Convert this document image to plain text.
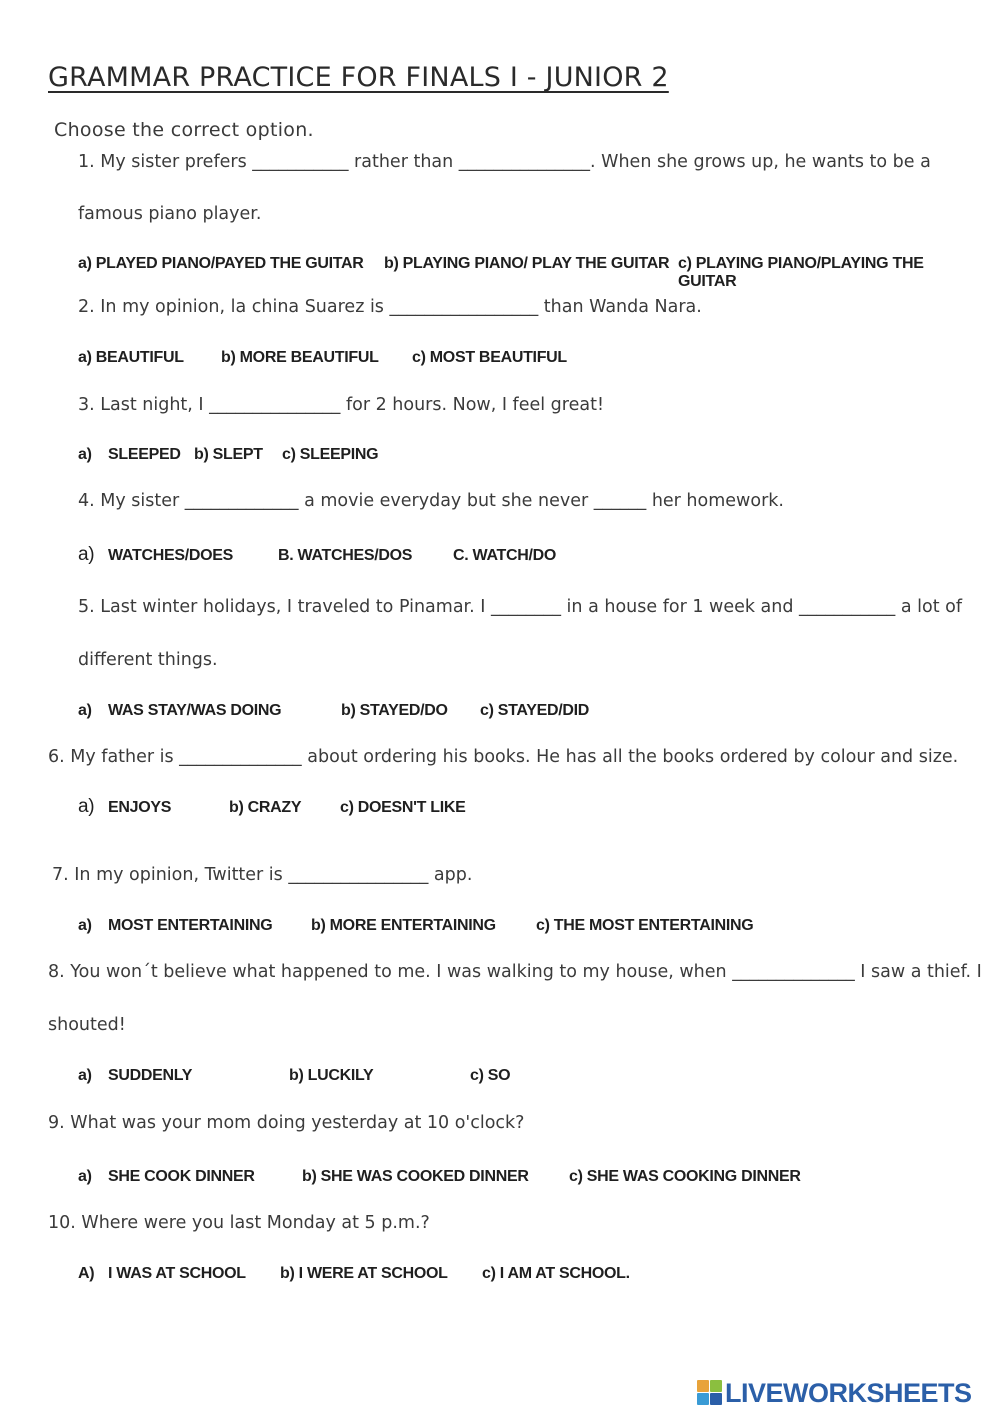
GRAMMAR PRACTICE FOR FINALS I - JUNIOR 2
Choose the correct option.
1. My sister prefers ___________ rather than _______________. When she grows up, he wants to be a
famous piano player.
a) PLAYED PIANO/PAYED THE GUITAR b) PLAYING PIANO/ PLAY THE GUITAR c) PLAYING PIANO/PLAYING THE GUITAR
2. In my opinion, la china Suarez is _________________ than Wanda Nara.
a) BEAUTIFUL b) MORE BEAUTIFUL c) MOST BEAUTIFUL
3. Last night, I _______________ for 2 hours. Now, I feel great!
a) SLEEPED b) SLEPT c) SLEEPING
4. My sister _____________ a movie everyday but she never ______ her homework.
a) WATCHES/DOES	B. WATCHES/DOS	C. WATCH/DO
5. Last winter holidays, I traveled to Pinamar. I ________ in a house for 1 week and ___________ a lot of
different things.
a) WAS STAY/WAS DOING	b) STAYED/DO c) STAYED/DID
6. My father is ______________ about ordering his books. He has all the books ordered by colour and size.
a) ENJOYS	b) CRAZY c) DOESN'T LIKE
7. In my opinion, Twitter is ________________ app.
a) MOST ENTERTAINING b) MORE ENTERTAINING	c) THE MOST ENTERTAINING
8. You won´t believe what happened to me. I was walking to my house, when ______________ I saw a thief. I
shouted!
a) SUDDENLY	b) LUCKILY	c) SO
9. What was your mom doing yesterday at 10 o'clock?
a) SHE COOK DINNER	b) SHE WAS COOKED DINNER	c) SHE WAS COOKING DINNER
10. Where were you last Monday at 5 p.m.?
A) I WAS AT SCHOOL b) I WERE AT SCHOOL c) I AM AT SCHOOL.
LIVEWORKSHEETS
